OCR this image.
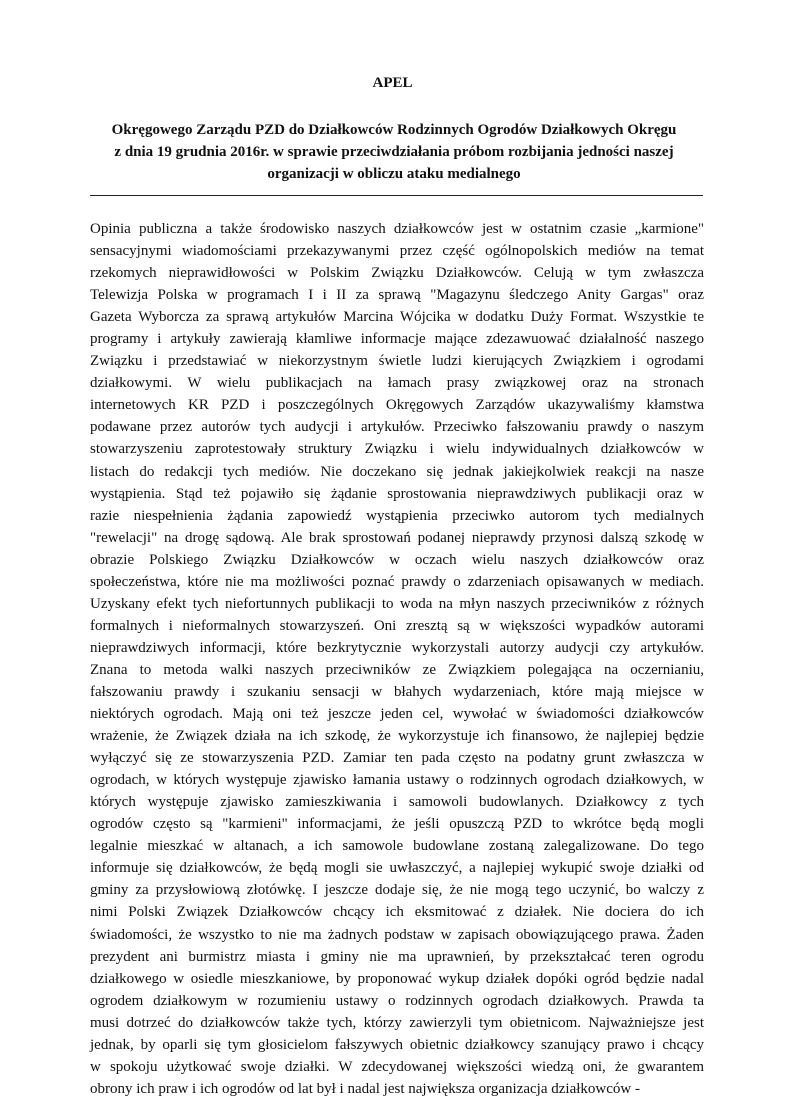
APEL
Okręgowego Zarządu PZD do Działkowców Rodzinnych Ogrodów Działkowych Okręgu
z dnia 19 grudnia 2016r. w sprawie przeciwdziałania próbom rozbijania jedności naszej
organizacji w obliczu ataku medialnego
Opinia publiczna a także środowisko naszych działkowców jest w ostatnim czasie „karmione"
sensacyjnymi wiadomościami przekazywanymi przez część ogólnopolskich mediów na temat
rzekomych nieprawidłowości w Polskim Związku Działkowców. Celują w tym zwłaszcza
Telewizja Polska w programach I i II za sprawą "Magazynu śledczego Anity Gargas" oraz
Gazeta Wyborcza za sprawą artykułów Marcina Wójcika w dodatku Duży Format. Wszystkie te
programy i artykuły zawierają kłamliwe informacje mające zdezawuować działalność naszego
Związku i przedstawiać w niekorzystnym świetle ludzi kierujących Związkiem i ogrodami
działkowymi. W wielu publikacjach na łamach prasy związkowej oraz na stronach
internetowych KR PZD i poszczególnych Okręgowych Zarządów ukazywaliśmy kłamstwa
podawane przez autorów tych audycji i artykułów. Przeciwko fałszowaniu prawdy o naszym
stowarzyszeniu zaprotestowały struktury Związku i wielu indywidualnych działkowców w
listach do redakcji tych mediów. Nie doczekano się jednak jakiejkolwiek reakcji na nasze
wystąpienia. Stąd też pojawiło się żądanie sprostowania nieprawdziwych publikacji oraz w
razie niespełnienia żądania zapowiedź wystąpienia przeciwko autorom tych medialnych
"rewelacji" na drogę sądową. Ale brak sprostowań podanej nieprawdy przynosi dalszą szkodę w
obrazie Polskiego Związku Działkowców w oczach wielu naszych działkowców oraz
społeczeństwa, które nie ma możliwości poznać prawdy o zdarzeniach opisawanych w mediach.
Uzyskany efekt tych niefortunnych publikacji to woda na młyn naszych przeciwników z różnych
formalnych i nieformalnych stowarzyszeń. Oni zresztą są w większości wypadków autorami
nieprawdziwych informacji, które bezkrytycznie wykorzystali autorzy audycji czy artykułów.
Znana to metoda walki naszych przeciwników ze Związkiem polegająca na oczernianiu,
fałszowaniu prawdy i szukaniu sensacji w błahych wydarzeniach, które mają miejsce w
niektórych ogrodach. Mają oni też jeszcze jeden cel, wywołać w świadomości działkowców
wrażenie, że Związek działa na ich szkodę, że wykorzystuje ich finansowo, że najlepiej będzie
wyłączyć się ze stowarzyszenia PZD. Zamiar ten pada często na podatny grunt zwłaszcza w
ogrodach, w których występuje zjawisko łamania ustawy o rodzinnych ogrodach działkowych, w
których występuje zjawisko zamieszkiwania i samowoli budowlanych. Działkowcy z tych
ogrodów często są "karmieni" informacjami, że jeśli opuszczą PZD to wkrótce będą mogli
legalnie mieszkać w altanach, a ich samowole budowlane zostaną zalegalizowane. Do tego
informuje się działkowców, że będą mogli sie uwłaszczyć, a najlepiej wykupić swoje działki od
gminy za przysłowiową złotówkę. I jeszcze dodaje się, że nie mogą tego uczynić, bo walczy z
nimi Polski Związek Działkowców chcący ich eksmitować z działek. Nie dociera do ich
świadomości, że wszystko to nie ma żadnych podstaw w zapisach obowiązującego prawa. Żaden
prezydent ani burmistrz miasta i gminy nie ma uprawnień, by przekształcać teren ogrodu
działkowego w osiedle mieszkaniowe, by proponować wykup działek dopóki ogród będzie nadal
ogrodem działkowym w rozumieniu ustawy o rodzinnych ogrodach działkowych. Prawda ta
musi dotrzeć do działkowców także tych, którzy zawierzyli tym obietnicom. Najważniejsze jest
jednak, by oparli się tym głosicielom fałszywych obietnic działkowcy szanujący prawo i chcący
w spokoju użytkować swoje działki. W zdecydowanej większości wiedzą oni, że gwarantem
obrony ich praw i ich ogrodów od lat był i nadal jest największa organizacja działkowców -
